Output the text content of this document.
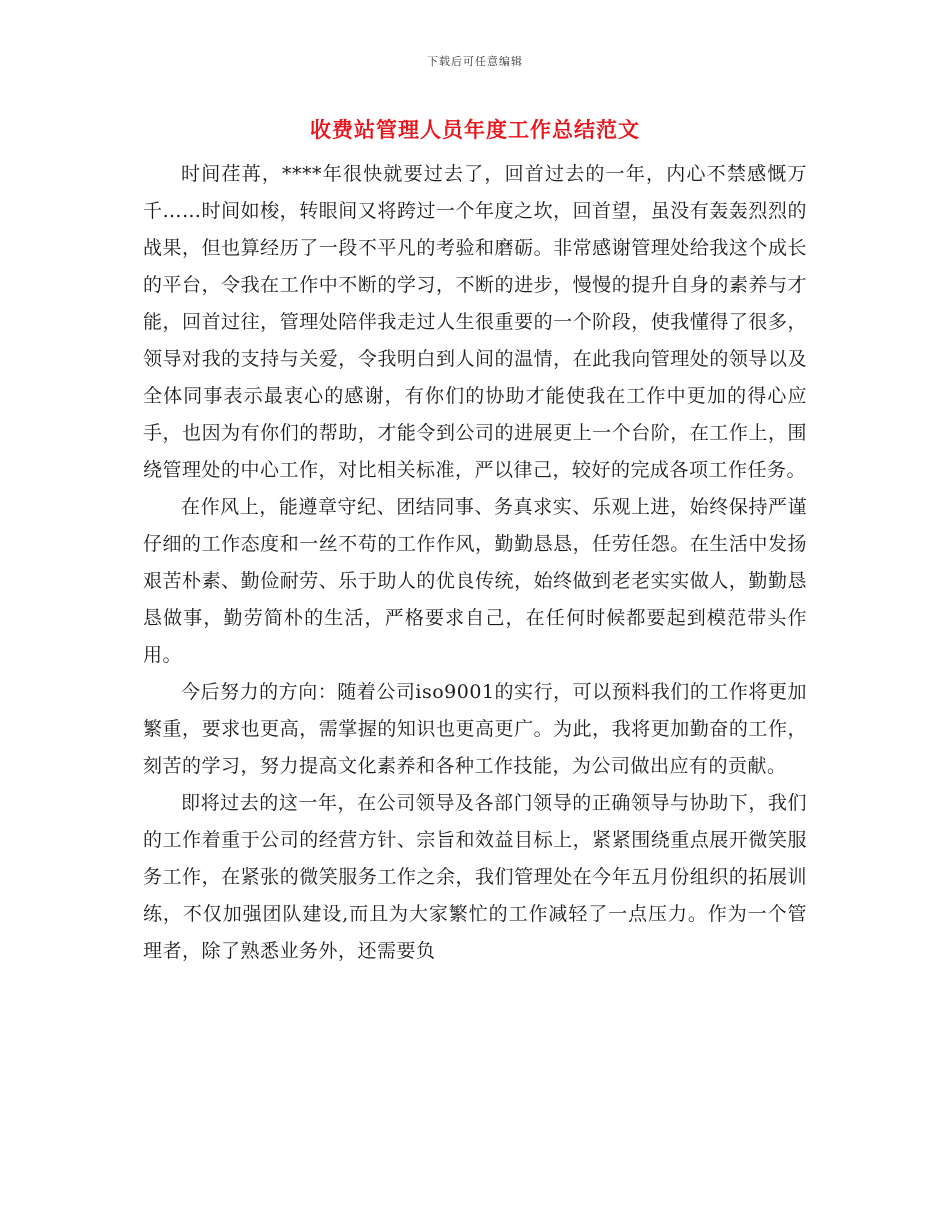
下载后可任意编辑
收费站管理人员年度工作总结范文

时间荏苒，****年很快就要过去了，回首过去的一年，内心不禁感慨万千……时间如梭，转眼间又将跨过一个年度之坎，回首望，虽没有轰轰烈烈的战果，但也算经历了一段不平凡的考验和磨砺。非常感谢管理处给我这个成长的平台，令我在工作中不断的学习，不断的进步，慢慢的提升自身的素养与才能，回首过往，管理处陪伴我走过人生很重要的一个阶段，使我懂得了很多，领导对我的支持与关爱，令我明白到人间的温情，在此我向管理处的领导以及全体同事表示最衷心的感谢，有你们的协助才能使我在工作中更加的得心应手，也因为有你们的帮助，才能令到公司的进展更上一个台阶，在工作上，围绕管理处的中心工作，对比相关标准，严以律己，较好的完成各项工作任务。

在作风上，能遵章守纪、团结同事、务真求实、乐观上进，始终保持严谨仔细的工作态度和一丝不苟的工作作风，勤勤恳恳，任劳任怨。在生活中发扬艰苦朴素、勤俭耐劳、乐于助人的优良传统，始终做到老老实实做人，勤勤恳恳做事，勤劳简朴的生活，严格要求自己，在任何时候都要起到模范带头作用。

今后努力的方向：随着公司iso9001的实行，可以预料我们的工作将更加繁重，要求也更高，需掌握的知识也更高更广。为此，我将更加勤奋的工作，刻苦的学习，努力提高文化素养和各种工作技能，为公司做出应有的贡献。

即将过去的这一年，在公司领导及各部门领导的正确领导与协助下，我们的工作着重于公司的经营方针、宗旨和效益目标上，紧紧围绕重点展开微笑服务工作，在紧张的微笑服务工作之余，我们管理处在今年五月份组织的拓展训练，不仅加强团队建设,而且为大家繁忙的工作减轻了一点压力。作为一个管理者，除了熟悉业务外，还需要负
